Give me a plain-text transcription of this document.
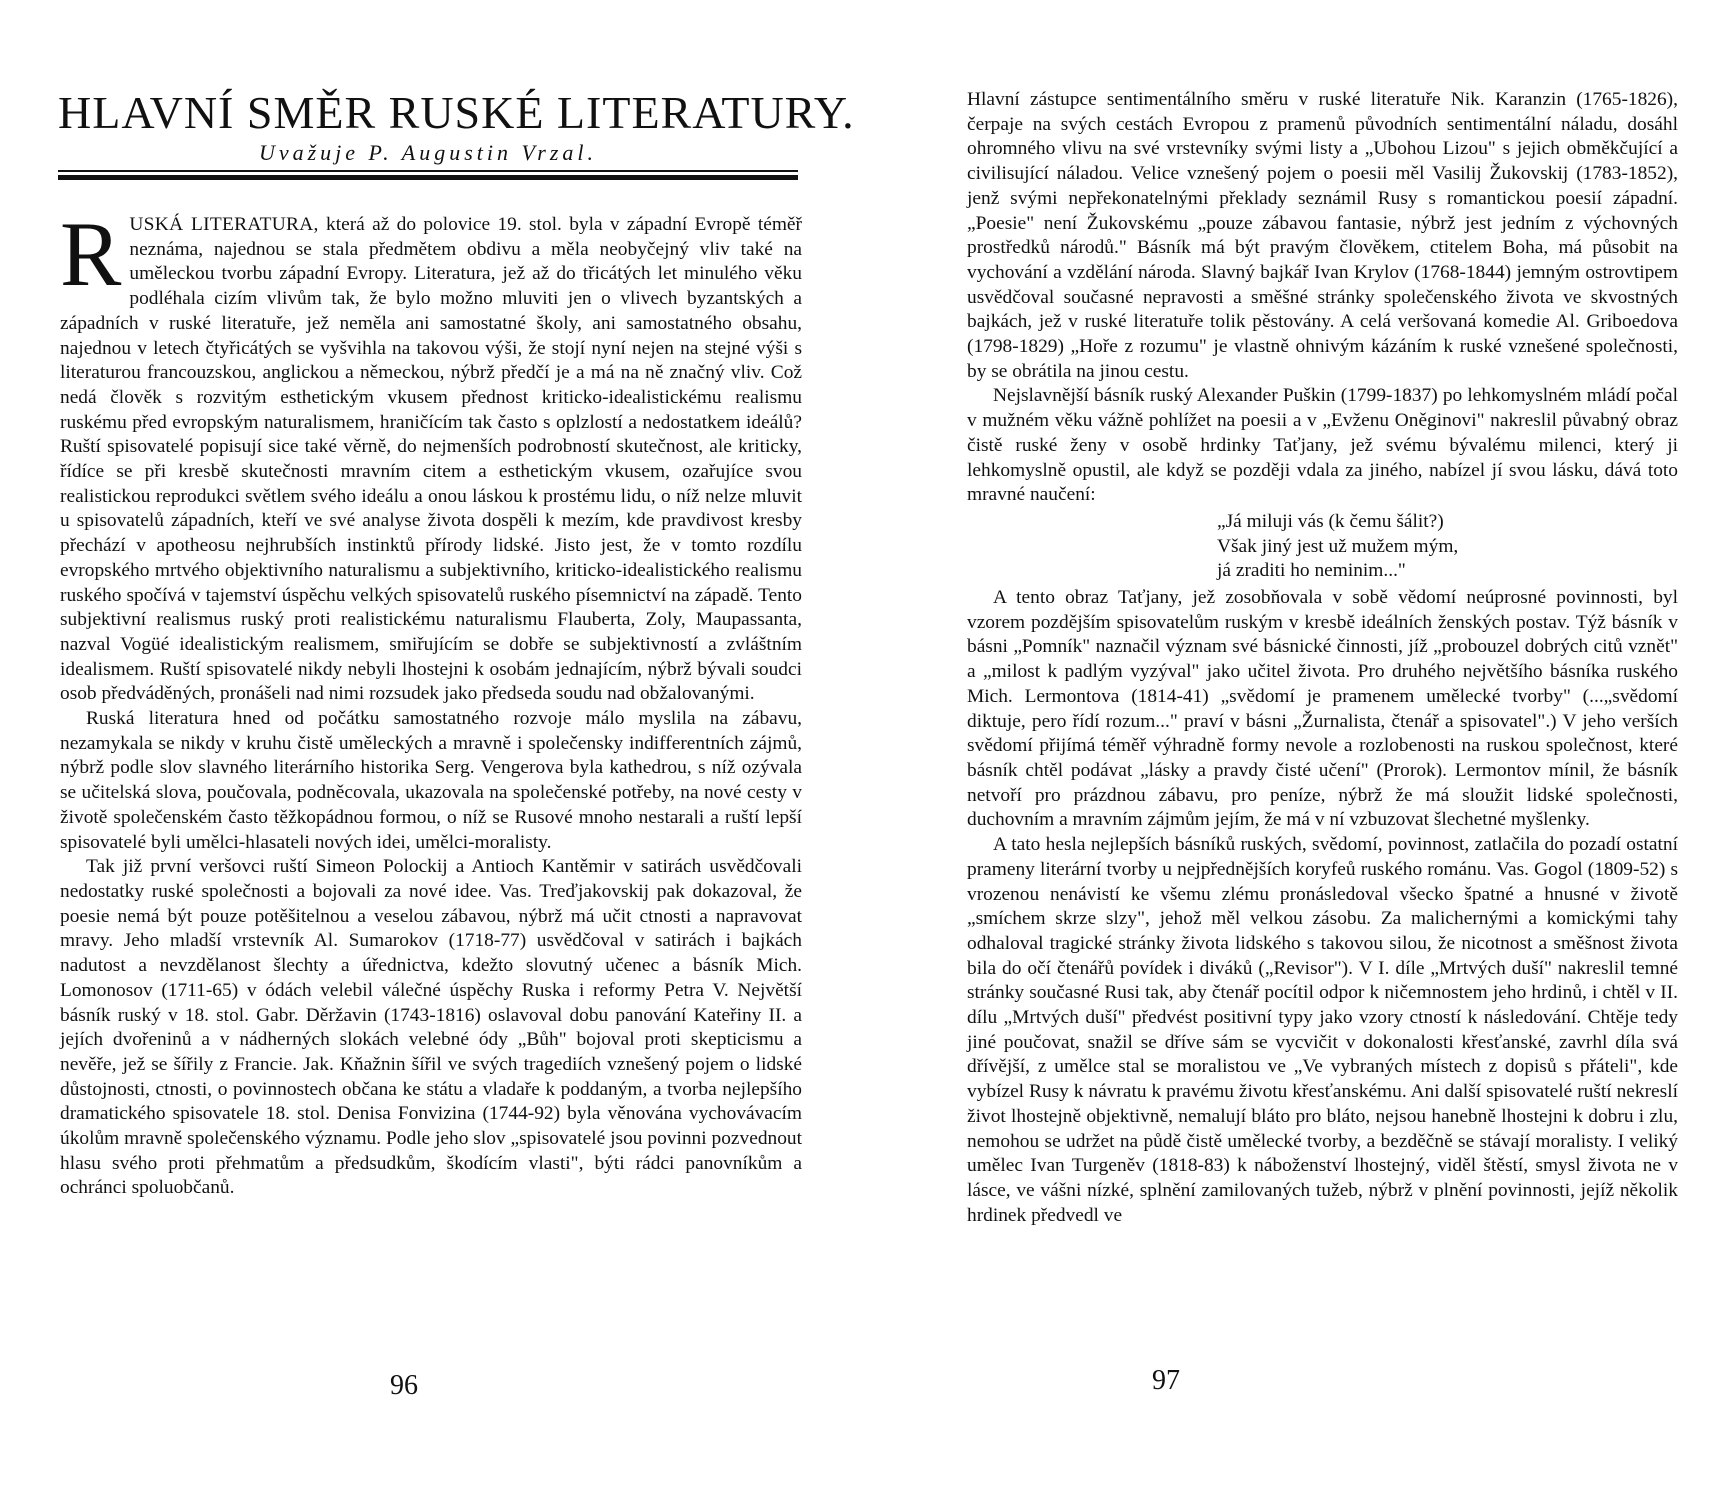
HLAVNÍ SMĚR RUSKÉ LITERATURY.
Uvažuje P. Augustin Vrzal.

RUSKÁ LITERATURA, která až do polovice 19. stol. byla v západní Evropě téměř neznáma, najednou se stala předmětem obdivu a měla neobyčejný vliv také na uměleckou tvorbu západní Evropy. Literatura, jež až do třicátých let minulého věku podléhala cizím vlivům tak, že bylo možno mluviti jen o vlivech byzantských a západních v ruské literatuře, jež neměla ani samostatné školy, ani samostatného obsahu, najednou v letech čtyřicátých se vyšvihla na takovou výši, že stojí nyní nejen na stejné výši s literaturou francouzskou, anglickou a německou, nýbrž předčí je a má na ně značný vliv. Což nedá člověk s rozvitým esthetickým vkusem přednost kriticko-idealistickému realismu ruskému před evropským naturalismem, hraničícím tak často s oplzlostí a nedostatkem ideálů? Ruští spisovatelé popisují sice také věrně, do nejmenších podrobností skutečnost, ale kriticky, řídíce se při kresbě skutečnosti mravním citem a esthetickým vkusem, ozařujíce svou realistickou reprodukci světlem svého ideálu a onou láskou k prostému lidu, o níž nelze mluvit u spisovatelů západních, kteří ve své analyse života dospěli k mezím, kde pravdivost kresby přechází v apotheosu nejhrubších instinktů přírody lidské. Jisto jest, že v tomto rozdílu evropského mrtvého objektivního naturalismu a subjektivního, kriticko-idealistického realismu ruského spočívá v tajemství úspěchu velkých spisovatelů ruského písemnictví na západě. Tento subjektivní realismus ruský proti realistickému naturalismu Flauberta, Zoly, Maupassanta, nazval Vogüé idealistickým realismem, smiřujícím se dobře se subjektivností a zvláštním idealismem. Ruští spisovatelé nikdy nebyli lhostejni k osobám jednajícím, nýbrž bývali soudci osob předváděných, pronášeli nad nimi rozsudek jako předseda soudu nad obžalovanými.

Ruská literatura hned od počátku samostatného rozvoje málo myslila na zábavu, nezamykala se nikdy v kruhu čistě uměleckých a mravně i společensky indifferentních zájmů, nýbrž podle slov slavného literárního historika Serg. Vengerova byla kathedrou, s níž ozývala se učitelská slova, poučovala, podněcovala, ukazovala na společenské potřeby, na nové cesty v životě společenském často těžkopádnou formou, o níž se Rusové mnoho nestarali a ruští lepší spisovatelé byli umělci-hlasateli nových idei, umělci-moralisty.

Tak již první veršovci ruští Simeon Polockij a Antioch Kantěmir v satirách usvědčovali nedostatky ruské společnosti a bojovali za nové idee. Vas. Treďjakovskij pak dokazoval, že poesie nemá být pouze potěšitelnou a veselou zábavou, nýbrž má učit ctnosti a napravovat mravy. Jeho mladší vrstevník Al. Sumarokov (1718-77) usvědčoval v satirách i bajkách nadutost a nevzdělanost šlechty a úřednictva, kdežto slovutný učenec a básník Mich. Lomonosov (1711-65) v ódách velebil válečné úspěchy Ruska i reformy Petra V. Největší básník ruský v 18. stol. Gabr. Děržavin (1743-1816) oslavoval dobu panování Kateřiny II. a jejích dvořeninů a v nádherných slokách velebné ódy „Bůh" bojoval proti skepticismu a nevěře, jež se šířily z Francie. Jak. Kňažnin šířil ve svých tragediích vznešený pojem o lidské důstojnosti, ctnosti, o povinnostech občana ke státu a vladaře k poddaným, a tvorba nejlepšího dramatického spisovatele 18. stol. Denisa Fonvizina (1744-92) byla věnována vychovávacím úkolům mravně společenského významu. Podle jeho slov „spisovatelé jsou povinni pozvednout hlasu svého proti přehmatům a předsudkům, škodícím vlasti", býti rádci panovníkům a ochránci spoluobčanů.

96

Hlavní zástupce sentimentálního směru v ruské literatuře Nik. Karanzin (1765-1826), čerpaje na svých cestách Evropou z pramenů původních sentimentální náladu, dosáhl ohromného vlivu na své vrstevníky svými listy a „Ubohou Lizou" s jejich obměkčující a civilisující náladou. Velice vznešený pojem o poesii měl Vasilij Žukovskij (1783-1852), jenž svými nepřekonatelnými překlady seznámil Rusy s romantickou poesií západní. „Poesie" není Žukovskému „pouze zábavou fantasie, nýbrž jest jedním z výchovných prostředků národů." Básník má být pravým člověkem, ctitelem Boha, má působit na vychování a vzdělání národa. Slavný bajkář Ivan Krylov (1768-1844) jemným ostrovtipem usvědčoval současné nepravosti a směšné stránky společenského života ve skvostných bajkách, jež v ruské literatuře tolik pěstovány. A celá veršovaná komedie Al. Griboedova (1798-1829) „Hoře z rozumu" je vlastně ohnivým kázáním k ruské vznešené společnosti, by se obrátila na jinou cestu.

Nejslavnější básník ruský Alexander Puškin (1799-1837) po lehkomyslném mládí počal v mužném věku vážně pohlížet na poesii a v „Evženu Oněginovi" nakreslil půvabný obraz čistě ruské ženy v osobě hrdinky Taťjany, jež svému bývalému milenci, který ji lehkomyslně opustil, ale když se později vdala za jiného, nabízel jí svou lásku, dává toto mravné naučení:

„Já miluji vás (k čemu šálit?)
Však jiný jest už mužem mým,
já zraditi ho neminim..."

A tento obraz Taťjany, jež zosobňovala v sobě vědomí neúprosné povinnosti, byl vzorem pozdějším spisovatelům ruským v kresbě ideálních ženských postav. Týž básník v básni „Pomník" naznačil význam své básnické činnosti, jíž „probouzel dobrých citů vznět" a „milost k padlým vyzýval" jako učitel života. Pro druhého největšího básníka ruského Mich. Lermontova (1814-41) „svědomí je pramenem umělecké tvorby" (...„svědomí diktuje, pero řídí rozum..." praví v básni „Žurnalista, čtenář a spisovatel".) V jeho verších svědomí přijímá téměř výhradně formy nevole a rozlobenosti na ruskou společnost, které básník chtěl podávat „lásky a pravdy čisté učení" (Prorok). Lermontov mínil, že básník netvoří pro prázdnou zábavu, pro peníze, nýbrž že má sloužit lidské společnosti, duchovním a mravním zájmům jejím, že má v ní vzbuzovat šlechetné myšlenky.

A tato hesla nejlepších básníků ruských, svědomí, povinnost, zatlačila do pozadí ostatní prameny literární tvorby u nejpřednějších koryfeů ruského románu. Vas. Gogol (1809-52) s vrozenou nenávistí ke všemu zlému pronásledoval všecko špatné a hnusné v životě „smíchem skrze slzy", jehož měl velkou zásobu. Za malichernými a komickými tahy odhaloval tragické stránky života lidského s takovou silou, že nicotnost a směšnost života bila do očí čtenářů povídek i diváků („Revisor"). V I. díle „Mrtvých duší" nakreslil temné stránky současné Rusi tak, aby čtenář pocítil odpor k ničemnostem jeho hrdinů, i chtěl v II. dílu „Mrtvých duší" předvést positivní typy jako vzory ctností k následování. Chtěje tedy jiné poučovat, snažil se dříve sám se vycvičit v dokonalosti křesťanské, zavrhl díla svá dřívější, z umělce stal se moralistou ve „Ve vybraných místech z dopisů s přáteli", kde vybízel Rusy k návratu k pravému životu křesťanskému. Ani další spisovatelé ruští nekreslí život lhostejně objektivně, nemalují bláto pro bláto, nejsou hanebně lhostejni k dobru i zlu, nemohou se udržet na půdě čistě umělecké tvorby, a bezděčně se stávají moralisty. I veliký umělec Ivan Turgeněv (1818-83) k náboženství lhostejný, viděl štěstí, smysl života ne v lásce, ve vášni nízké, splnění zamilovaných tužeb, nýbrž v plnění povinnosti, jejíž několik hrdinek předvedl ve

97
